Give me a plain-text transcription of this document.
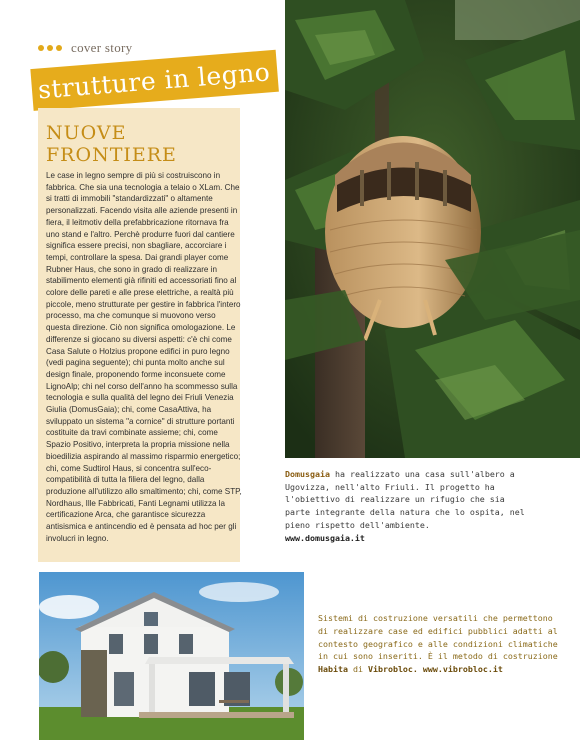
cover story
strutture in legno
NUOVE
FRONTIERE
Le case in legno sempre di più si costruiscono in fabbrica. Che sia una tecnologia a telaio o XLam. Che si tratti di immobili "standardizzati" o altamente personalizzati. Facendo visita alle aziende presenti in fiera, il leitmotiv della prefabbricazione ritornava fra uno stand e l'altro. Perchè produrre fuori dal cantiere significa essere precisi, non sbagliare, accorciare i tempi, controllare la spesa. Dai grandi player come Rubner Haus, che sono in grado di realizzare in stabilimento elementi già rifiniti ed accessoriati fino al colore delle pareti e alle prese elettriche, a realtà più piccole, meno strutturate per gestire in fabbrica l'intero processo, ma che comunque si muovono verso questa direzione. Ciò non significa omologazione. Le differenze si giocano su diversi aspetti: c'è chi come Casa Salute o Holzius propone edifici in puro legno (vedi pagina seguente); chi punta molto anche sul design finale, proponendo forme inconsuete come LignoAlp; chi nel corso dell'anno ha scommesso sulla tecnologia e sulla qualità del legno dei Friuli Venezia Giulia (DomusGaia); chi, come CasaAttiva, ha sviluppato un sistema "a cornice" di strutture portanti costituite da travi combinate assieme; chi, come Spazio Positivo, interpreta la propria missione nella bioedilizia aspirando al massimo risparmio energetico; chi, come Sudtirol Haus, si concentra sull'eco-compatibilità di tutta la filiera del legno, dalla produzione all'utilizzo allo smaltimento; chi, come STP, Nordhaus, Ille Fabbricati, Fanti Legnami utilizza la certificazione Arca, che garantisce sicurezza antisismica e antincendio ed è pensata ad hoc per gli involucri in legno.
Domusgaia ha realizzato una casa sull'albero a Ugovizza, nell'alto Friuli. Il progetto ha l'obiettivo di realizzare un rifugio che sia parte integrante della natura che lo ospita, nel pieno rispetto dell'ambiente.
www.domusgaia.it
Sistemi di costruzione versatili che permettono di realizzare case ed edifici pubblici adatti al contesto geografico e alle condizioni climatiche in cui sono inseriti. È il metodo di costruzione Habita di Vibrobloc. www.vibrobloc.it
